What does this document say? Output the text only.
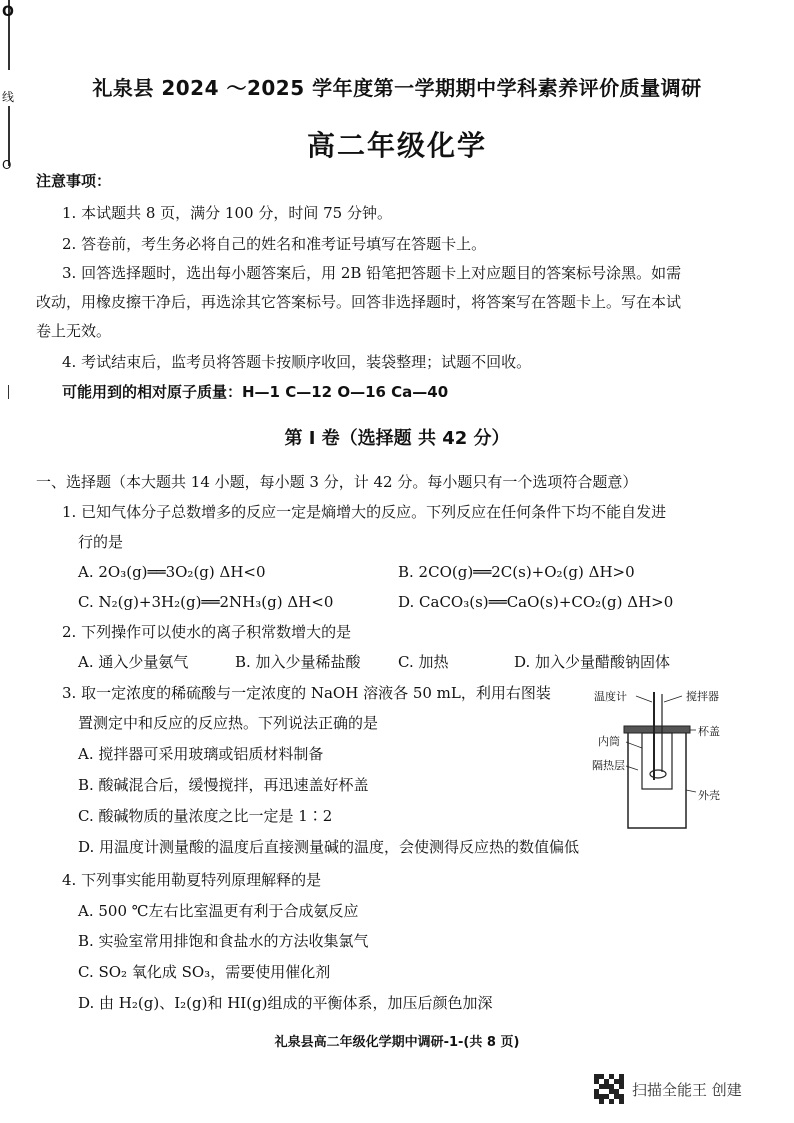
O
线
O
礼泉县 2024 ～2025 学年度第一学期期中学科素养评价质量调研
高二年级化学
注意事项：
1. 本试题共 8 页，满分 100 分，时间 75 分钟。
2. 答卷前，考生务必将自己的姓名和准考证号填写在答题卡上。
3. 回答选择题时，选出每小题答案后，用 2B 铅笔把答题卡上对应题目的答案标号涂黑。如需
改动，用橡皮擦干净后，再选涂其它答案标号。回答非选择题时，将答案写在答题卡上。写在本试
卷上无效。
4. 考试结束后，监考员将答题卡按顺序收回，装袋整理；试题不回收。
可能用到的相对原子质量：H—1 C—12 O—16 Ca—40
第 Ⅰ 卷（选择题 共 42 分）
一、选择题（本大题共 14 小题，每小题 3 分，计 42 分。每小题只有一个选项符合题意）
1. 已知气体分子总数增多的反应一定是熵增大的反应。下列反应在任何条件下均不能自发进
行的是
A. 2O₃(g)══3O₂(g) ΔH<0	B. 2CO(g)══2C(s)+O₂(g) ΔH>0
C. N₂(g)+3H₂(g)══2NH₃(g) ΔH<0	D. CaCO₃(s)══CaO(s)+CO₂(g) ΔH>0
2. 下列操作可以使水的离子积常数增大的是
A. 通入少量氨气	B. 加入少量稀盐酸 C. 加热	D. 加入少量醋酸钠固体
3. 取一定浓度的稀硫酸与一定浓度的 NaOH 溶液各 50 mL，利用右图装
置测定中和反应的反应热。下列说法正确的是
A. 搅拌器可采用玻璃或铝质材料制备
B. 酸碱混合后，缓慢搅拌，再迅速盖好杯盖
C. 酸碱物质的量浓度之比一定是 1∶2
D. 用温度计测量酸的温度后直接测量碱的温度，会使测得反应热的数值偏低
温度计	搅拌器
杯盖
内筒
隔热层
外壳
4. 下列事实能用勒夏特列原理解释的是
A. 500 ℃左右比室温更有利于合成氨反应
B. 实验室常用排饱和食盐水的方法收集氯气
C. SO₂ 氧化成 SO₃，需要使用催化剂
D. 由 H₂(g)、I₂(g)和 HI(g)组成的平衡体系，加压后颜色加深
礼泉县高二年级化学期中调研-1-(共 8 页)
扫描全能王 创建
